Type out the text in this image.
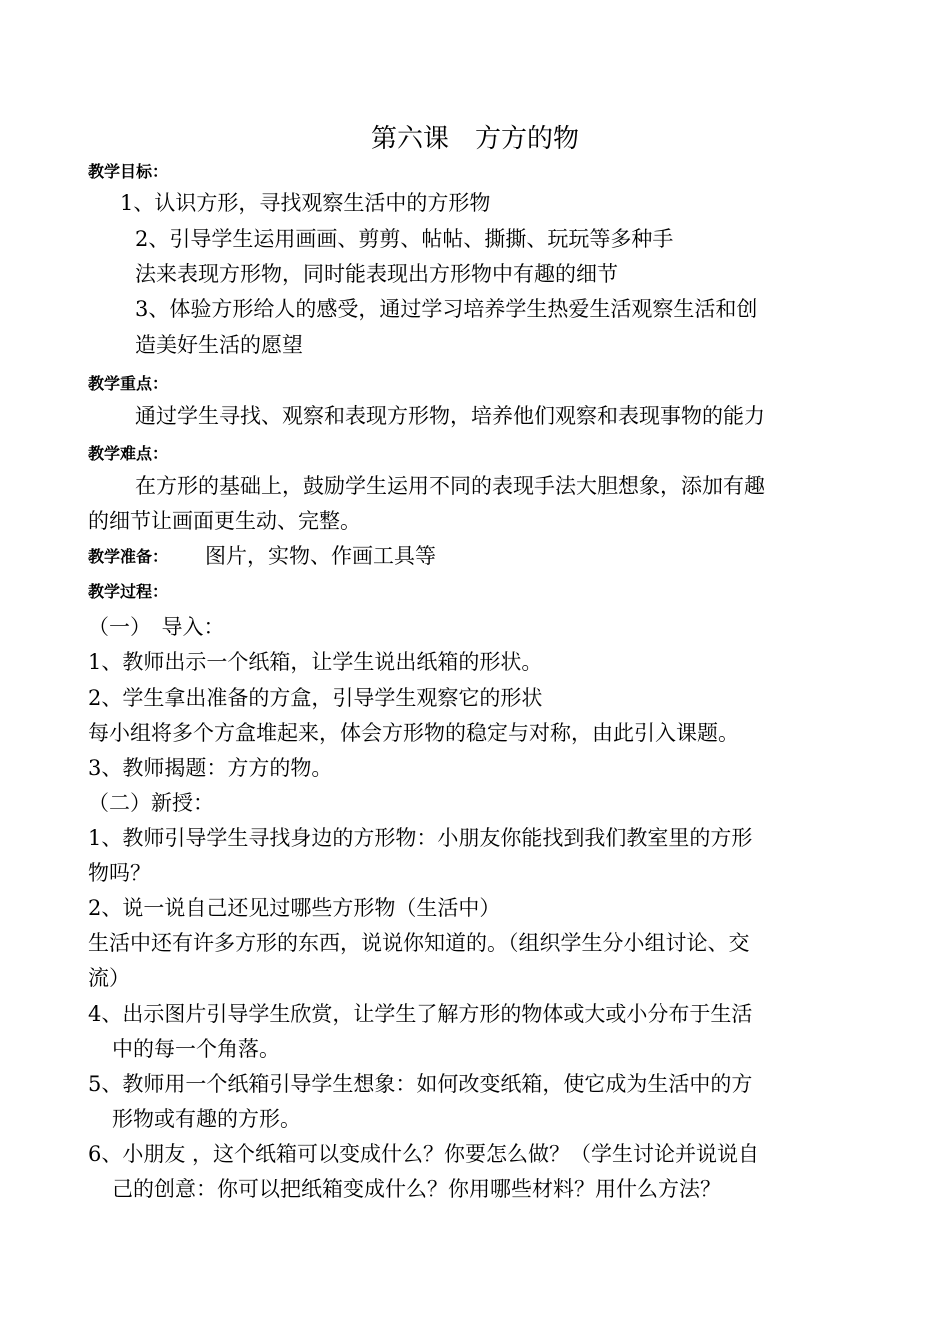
第六课　方方的物
教学目标：
1、认识方形，寻找观察生活中的方形物
2、引导学生运用画画、剪剪、帖帖、撕撕、玩玩等多种手
法来表现方形物，同时能表现出方形物中有趣的细节
3、体验方形给人的感受，通过学习培养学生热爱生活观察生活和创
造美好生活的愿望
教学重点：
通过学生寻找、观察和表现方形物，培养他们观察和表现事物的能力
教学难点：
在方形的基础上，鼓励学生运用不同的表现手法大胆想象，添加有趣
的细节让画面更生动、完整。
教学准备： 图片，实物、作画工具等
教学过程：
（一）　导入：
1、教师出示一个纸箱，让学生说出纸箱的形状。
2、学生拿出准备的方盒，引导学生观察它的形状
每小组将多个方盒堆起来，体会方形物的稳定与对称，由此引入课题。
3、教师揭题：方方的物。
（二）新授：
1、教师引导学生寻找身边的方形物：小朋友你能找到我们教室里的方形
物吗？
2、说一说自己还见过哪些方形物（生活中）
生活中还有许多方形的东西，说说你知道的。（组织学生分小组讨论、交
流）
4、出示图片引导学生欣赏，让学生了解方形的物体或大或小分布于生活
中的每一个角落。
5、教师用一个纸箱引导学生想象：如何改变纸箱，使它成为生活中的方
形物或有趣的方形。
6、小朋友 ，这个纸箱可以变成什么？你要怎么做？（学生讨论并说说自
己的创意：你可以把纸箱变成什么？你用哪些材料？用什么方法？
